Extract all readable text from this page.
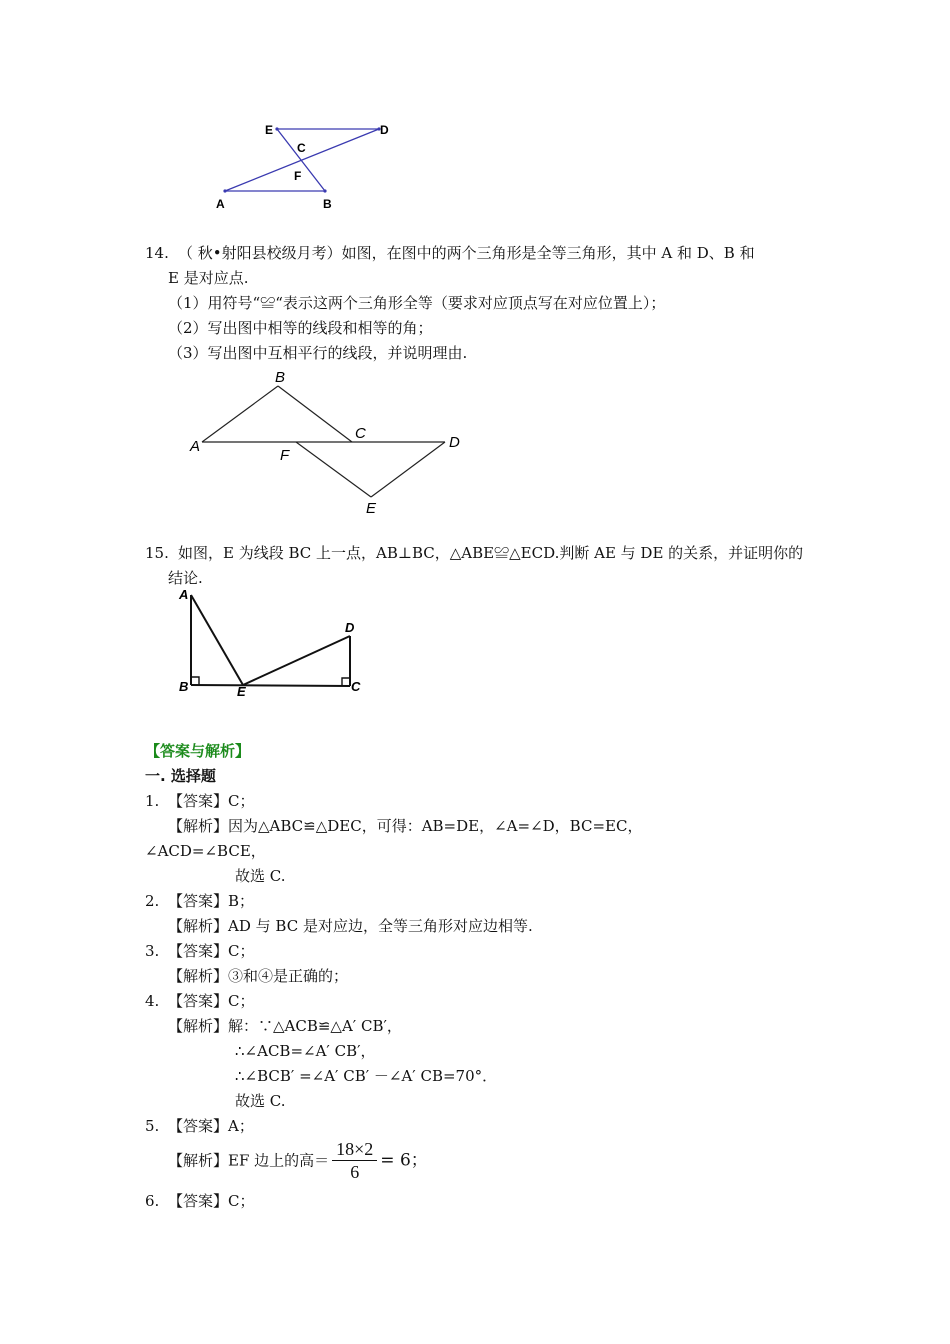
E	D
C
F
A	B
14. （ 秋•射阳县校级月考）如图，在图中的两个三角形是全等三角形，其中 A 和 D、B 和
E 是对应点.
（1）用符号“≌“表示这两个三角形全等（要求对应顶点写在对应位置上）；
（2）写出图中相等的线段和相等的角；
（3）写出图中互相平行的线段，并说明理由.
A
B
C
D
E
F
15. 如图，E 为线段 BC 上一点，AB⊥BC，△ABE≌△ECD.判断 AE 与 DE 的关系，并证明你的
结论.
A
B	E	C
D
【答案与解析】
一. 选择题
1. 【答案】C；
【解析】因为△ABC≌△DEC，可得：AB=DE，∠A=∠D，BC=EC，
∠ACD=∠BCE，
故选 C.
2. 【答案】B；
【解析】AD 与 BC 是对应边，全等三角形对应边相等.
3. 【答案】C；
【解析】③和④是正确的；
4. 【答案】C；
【解析】解：∵△ACB≌△A′ CB′，
∴∠ACB=∠A′ CB′，
∴∠BCB′ =∠A′ CB′ －∠A′ CB=70°．
故选 C.
5. 【答案】A；
【解析】EF 边上的高＝ $\frac{18\times 2}{6} = 6$；
6. 【答案】C；
